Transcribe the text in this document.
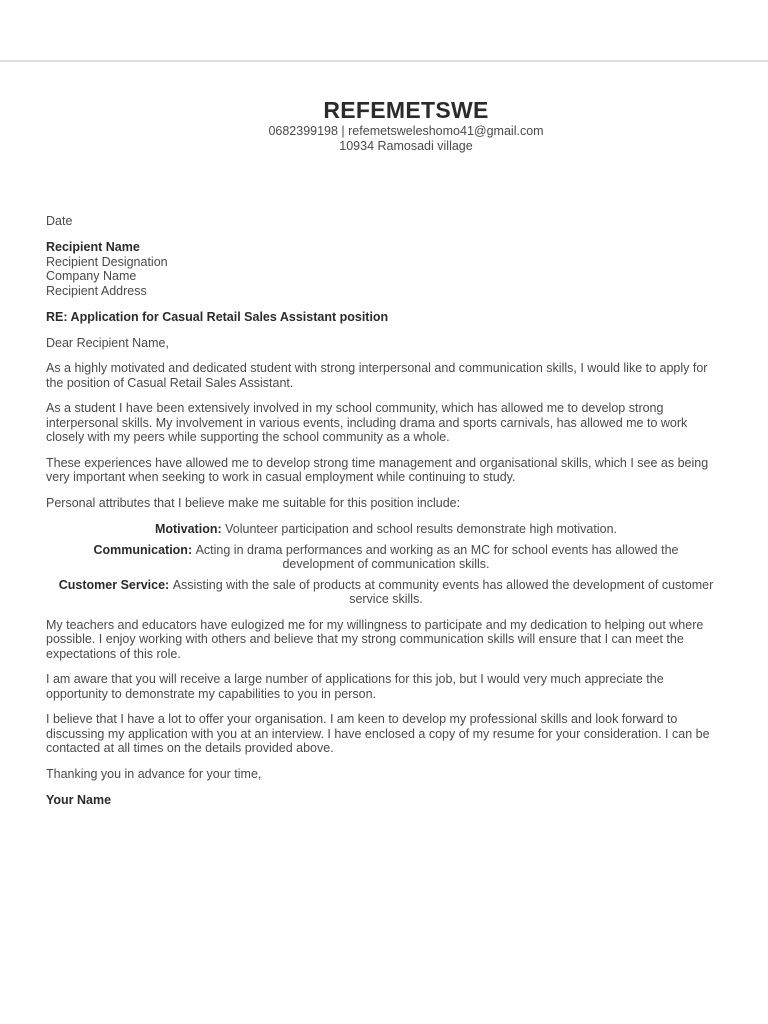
REFEMETSWE
0682399198 | refemetsweleshomo41@gmail.com
10934 Ramosadi village
Date
Recipient Name
Recipient Designation
Company Name
Recipient Address
RE: Application for Casual Retail Sales Assistant position
Dear Recipient Name,

As a highly motivated and dedicated student with strong interpersonal and communication skills, I would like to apply for the position of Casual Retail Sales Assistant.

As a student I have been extensively involved in my school community, which has allowed me to develop strong interpersonal skills. My involvement in various events, including drama and sports carnivals, has allowed me to work closely with my peers while supporting the school community as a whole.

These experiences have allowed me to develop strong time management and organisational skills, which I see as being very important when seeking to work in casual employment while continuing to study.

Personal attributes that I believe make me suitable for this position include:

Motivation: Volunteer participation and school results demonstrate high motivation.
Communication: Acting in drama performances and working as an MC for school events has allowed the development of communication skills.
Customer Service: Assisting with the sale of products at community events has allowed the development of customer service skills.

My teachers and educators have eulogized me for my willingness to participate and my dedication to helping out where possible. I enjoy working with others and believe that my strong communication skills will ensure that I can meet the expectations of this role.

I am aware that you will receive a large number of applications for this job, but I would very much appreciate the opportunity to demonstrate my capabilities to you in person.

I believe that I have a lot to offer your organisation. I am keen to develop my professional skills and look forward to discussing my application with you at an interview. I have enclosed a copy of my resume for your consideration. I can be contacted at all times on the details provided above.

Thanking you in advance for your time,

Your Name
